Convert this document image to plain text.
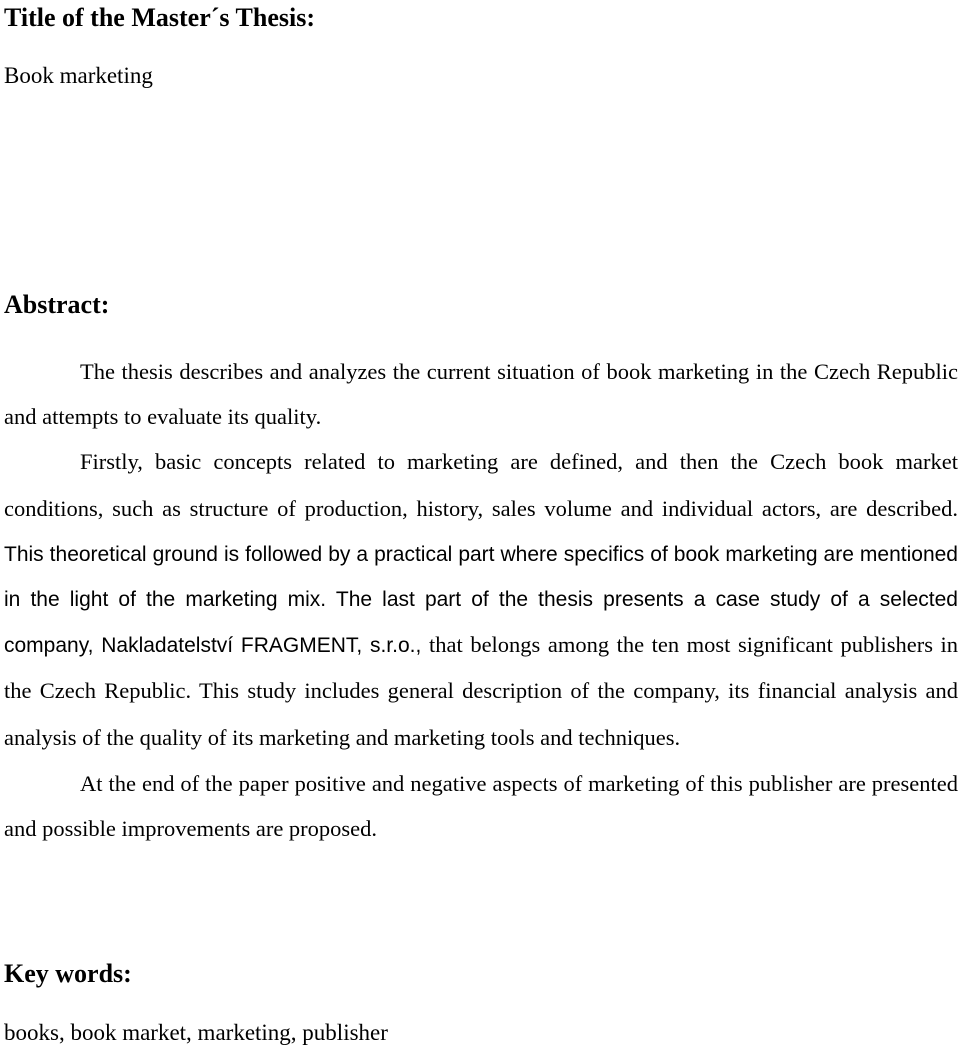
Title of the Master´s Thesis:
Book marketing
Abstract:

The thesis describes and analyzes the current situation of book marketing in the Czech Republic and attempts to evaluate its quality.

Firstly, basic concepts related to marketing are defined, and then the Czech book market conditions, such as structure of production, history, sales volume and individual actors, are described. This theoretical ground is followed by a practical part where specifics of book marketing are mentioned in the light of the marketing mix. The last part of the thesis presents a case study of a selected company, Nakladatelství FRAGMENT, s.r.o., that belongs among the ten most significant publishers in the Czech Republic. This study includes general description of the company, its financial analysis and analysis of the quality of its marketing and marketing tools and techniques.

At the end of the paper positive and negative aspects of marketing of this publisher are presented and possible improvements are proposed.

Key words:
books, book market, marketing, publisher
